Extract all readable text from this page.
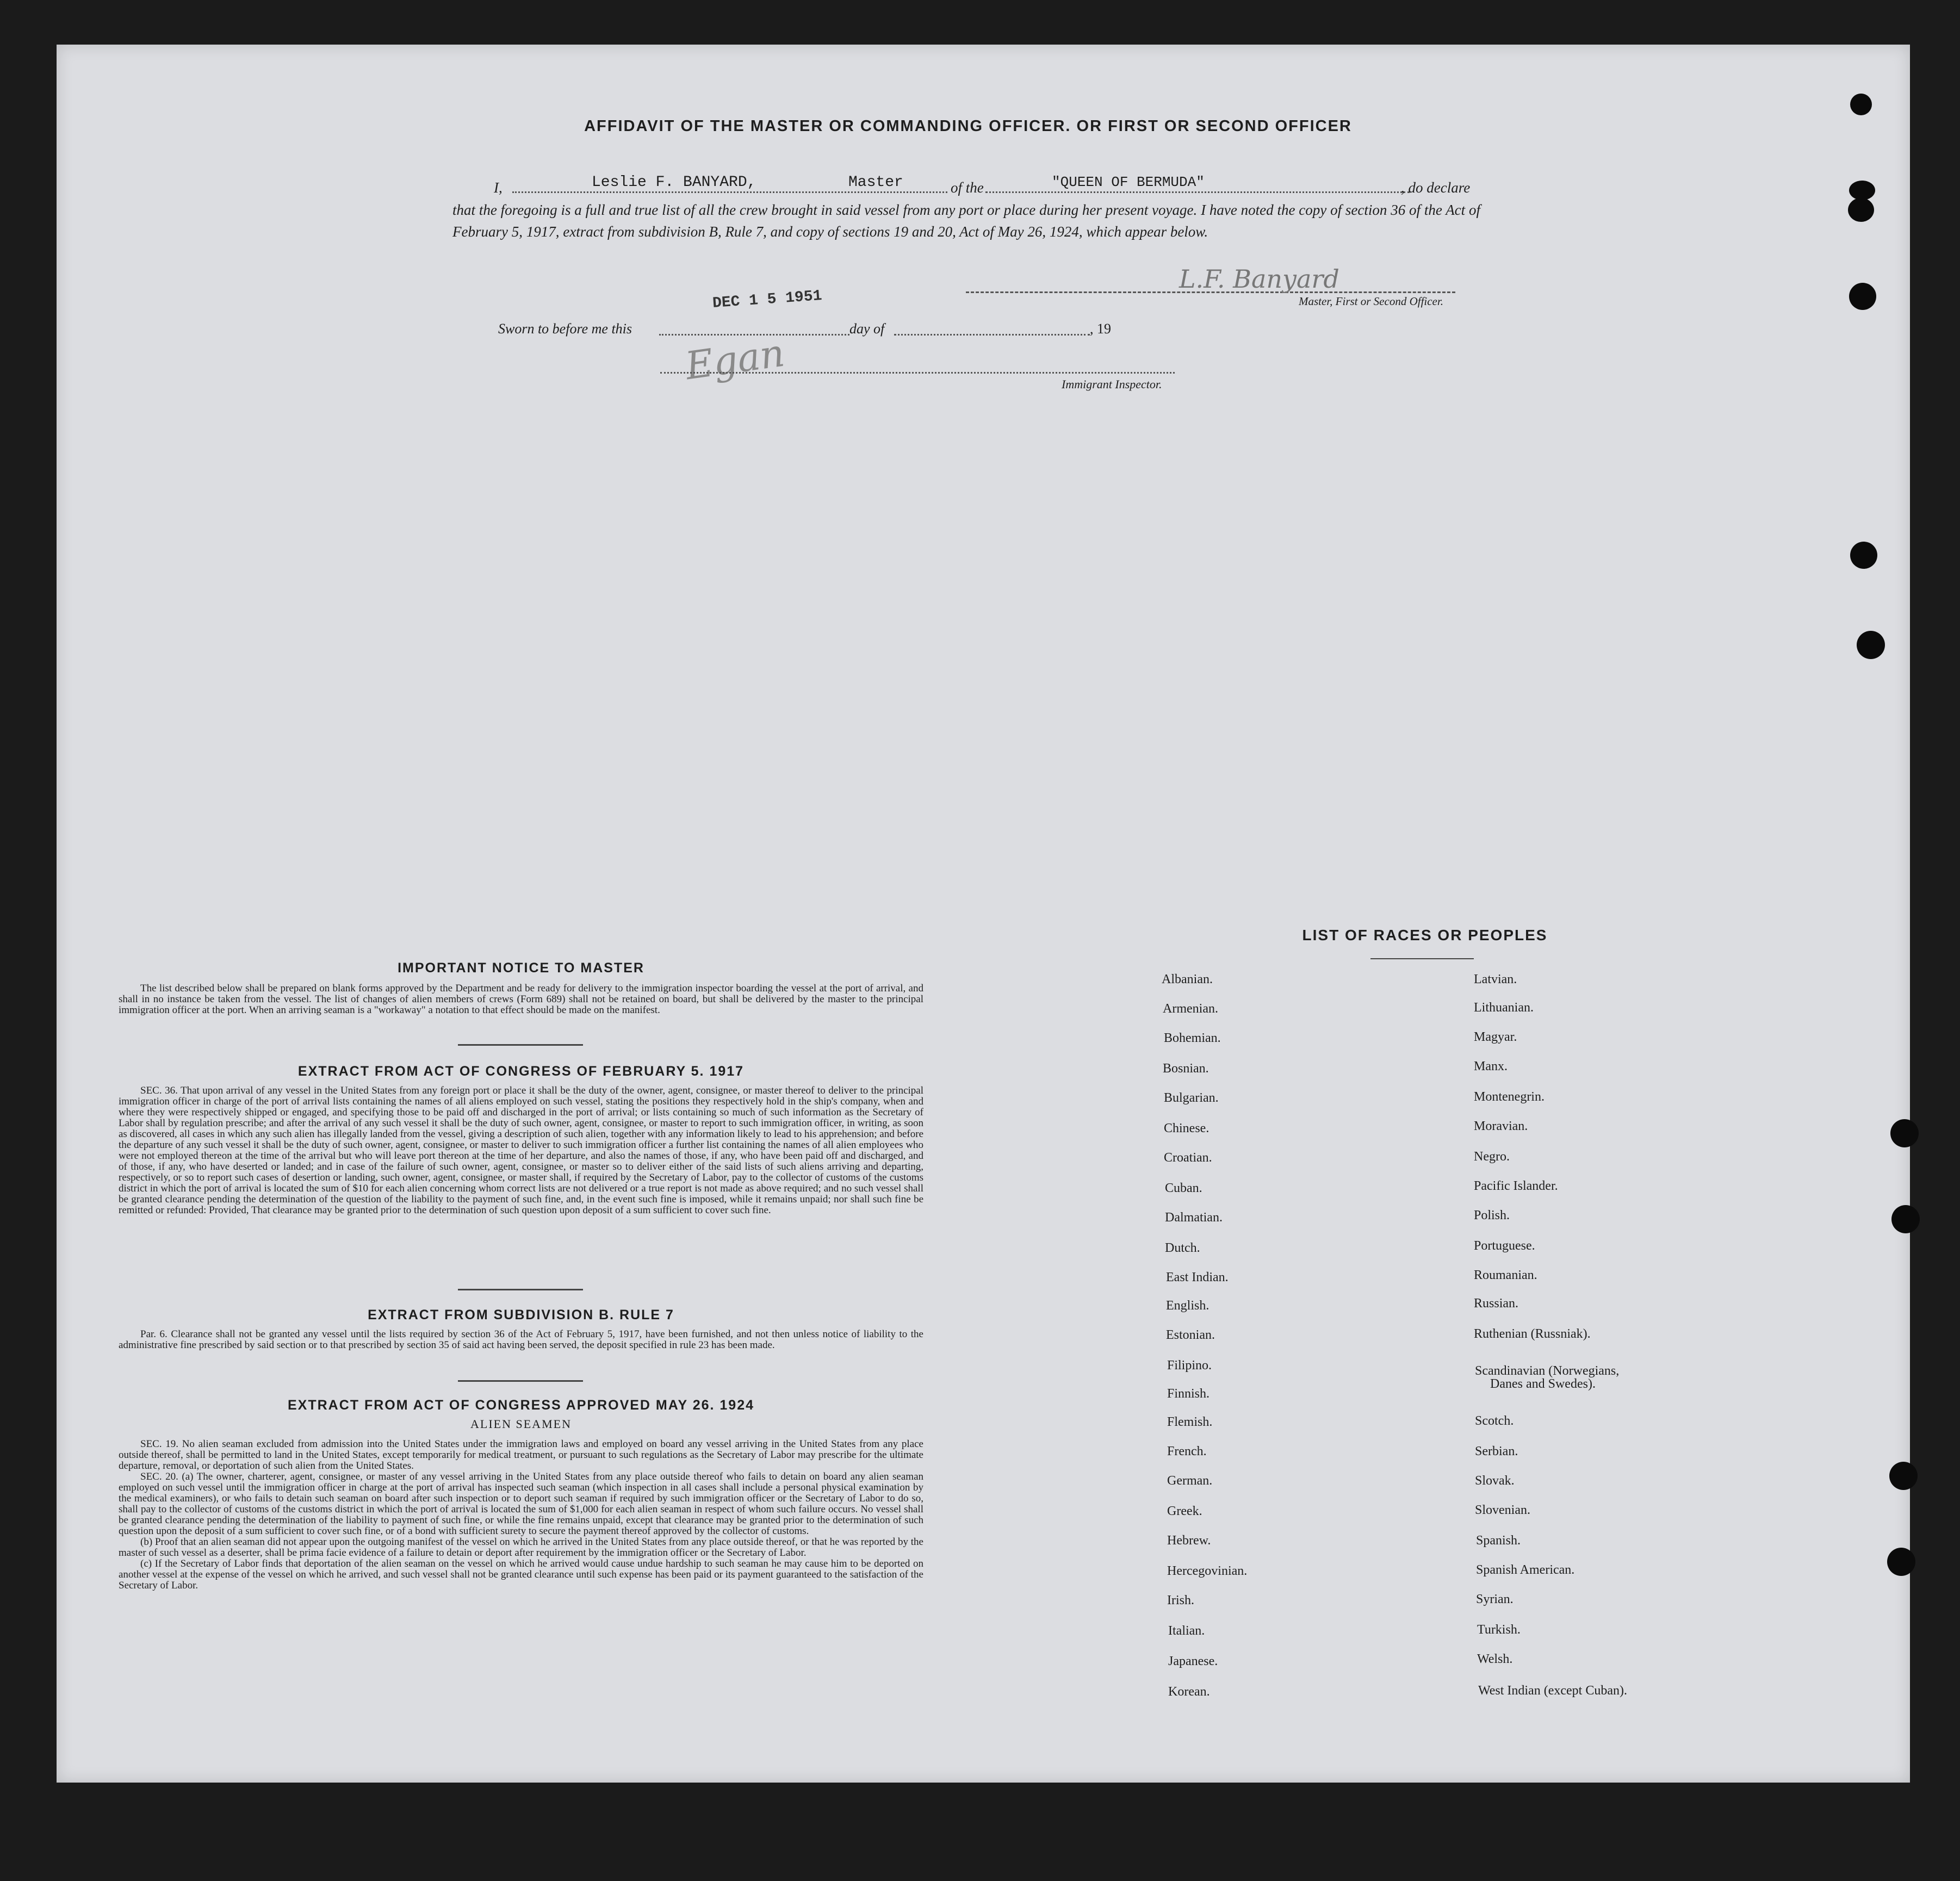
AFFIDAVIT OF THE MASTER OR COMMANDING OFFICER. OR FIRST OR SECOND OFFICER
I,	Leslie F. BANYARD,	Master	of the	"QUEEN OF BERMUDA"	, do declare
that the foregoing is a full and true list of all the crew brought in said vessel from any port or place during her present voyage. I have noted the copy of section 36 of the Act of February 5, 1917, extract from subdivision B, Rule 7, and copy of sections 19 and 20, Act of May 26, 1924, which appear below.
L.F. Banyard
Master, First or Second Officer.
Sworn to before me this
DEC 1 5 1951
day of	, 19
Egan	Immigrant Inspector.
IMPORTANT NOTICE TO MASTER

The list described below shall be prepared on blank forms approved by the Department and be ready for delivery to the immigration inspector boarding the vessel at the port of arrival, and shall in no instance be taken from the vessel. The list of changes of alien members of crews (Form 689) shall not be retained on board, but shall be delivered by the master to the principal immigration officer at the port. When an arriving seaman is a "workaway" a notation to that effect should be made on the manifest.

EXTRACT FROM ACT OF CONGRESS OF FEBRUARY 5. 1917

SEC. 36. That upon arrival of any vessel in the United States from any foreign port or place it shall be the duty of the owner, agent, consignee, or master thereof to deliver to the principal immigration officer in charge of the port of arrival lists containing the names of all aliens employed on such vessel, stating the positions they respectively hold in the ship's company, when and where they were respectively shipped or engaged, and specifying those to be paid off and discharged in the port of arrival; or lists containing so much of such information as the Secretary of Labor shall by regulation prescribe; and after the arrival of any such vessel it shall be the duty of such owner, agent, consignee, or master to report to such immigration officer, in writing, as soon as discovered, all cases in which any such alien has illegally landed from the vessel, giving a description of such alien, together with any information likely to lead to his apprehension; and before the departure of any such vessel it shall be the duty of such owner, agent, consignee, or master to deliver to such immigration officer a further list containing the names of all alien employees who were not employed thereon at the time of the arrival but who will leave port thereon at the time of her departure, and also the names of those, if any, who have been paid off and discharged, and of those, if any, who have deserted or landed; and in case of the failure of such owner, agent, consignee, or master so to deliver either of the said lists of such aliens arriving and departing, respectively, or so to report such cases of desertion or landing, such owner, agent, consignee, or master shall, if required by the Secretary of Labor, pay to the collector of customs of the customs district in which the port of arrival is located the sum of $10 for each alien concerning whom correct lists are not delivered or a true report is not made as above required; and no such vessel shall be granted clearance pending the determination of the question of the liability to the payment of such fine, and, in the event such fine is imposed, while it remains unpaid; nor shall such fine be remitted or refunded: Provided, That clearance may be granted prior to the determination of such question upon deposit of a sum sufficient to cover such fine.

EXTRACT FROM SUBDIVISION B. RULE 7

Par. 6. Clearance shall not be granted any vessel until the lists required by section 36 of the Act of February 5, 1917, have been furnished, and not then unless notice of liability to the administrative fine prescribed by said section or to that prescribed by section 35 of said act having been served, the deposit specified in rule 23 has been made.

EXTRACT FROM ACT OF CONGRESS APPROVED MAY 26. 1924
ALIEN SEAMEN

SEC. 19. No alien seaman excluded from admission into the United States under the immigration laws and employed on board any vessel arriving in the United States from any place outside thereof, shall be permitted to land in the United States, except temporarily for medical treatment, or pursuant to such regulations as the Secretary of Labor may prescribe for the ultimate departure, removal, or deportation of such alien from the United States.

SEC. 20. (a) The owner, charterer, agent, consignee, or master of any vessel arriving in the United States from any place outside thereof who fails to detain on board any alien seaman employed on such vessel until the immigration officer in charge at the port of arrival has inspected such seaman (which inspection in all cases shall include a personal physical examination by the medical examiners), or who fails to detain such seaman on board after such inspection or to deport such seaman if required by such immigration officer or the Secretary of Labor to do so, shall pay to the collector of customs of the customs district in which the port of arrival is located the sum of $1,000 for each alien seaman in respect of whom such failure occurs. No vessel shall be granted clearance pending the determination of the liability to payment of such fine, or while the fine remains unpaid, except that clearance may be granted prior to the determination of such question upon the deposit of a sum sufficient to cover such fine, or of a bond with sufficient surety to secure the payment thereof approved by the collector of customs.

(b) Proof that an alien seaman did not appear upon the outgoing manifest of the vessel on which he arrived in the United States from any place outside thereof, or that he was reported by the master of such vessel as a deserter, shall be prima facie evidence of a failure to detain or deport after requirement by the immigration officer or the Secretary of Labor.

(c) If the Secretary of Labor finds that deportation of the alien seaman on the vessel on which he arrived would cause undue hardship to such seaman he may cause him to be deported on another vessel at the expense of the vessel on which he arrived, and such vessel shall not be granted clearance until such expense has been paid or its payment guaranteed to the satisfaction of the Secretary of Labor.

LIST OF RACES OR PEOPLES
Albanian.
Armenian.
Bohemian.
Bosnian.
Bulgarian.
Chinese.
Croatian.
Cuban.
Dalmatian.
Dutch.
East Indian.
English.
Estonian.
Filipino.
Finnish.
Flemish.
French.
German.
Greek.
Hebrew.
Hercegovinian.
Irish.
Italian.
Japanese.
Korean.
Latvian.
Lithuanian.
Magyar.
Manx.
Montenegrin.
Moravian.
Negro.
Pacific Islander.
Polish.
Portuguese.
Roumanian.
Russian.
Ruthenian (Russniak).
Scandinavian (Norwegians,
Danes and Swedes).
Scotch.
Serbian.
Slovak.
Slovenian.
Spanish.
Spanish American.
Syrian.
Turkish.
Welsh.
West Indian (except Cuban).
